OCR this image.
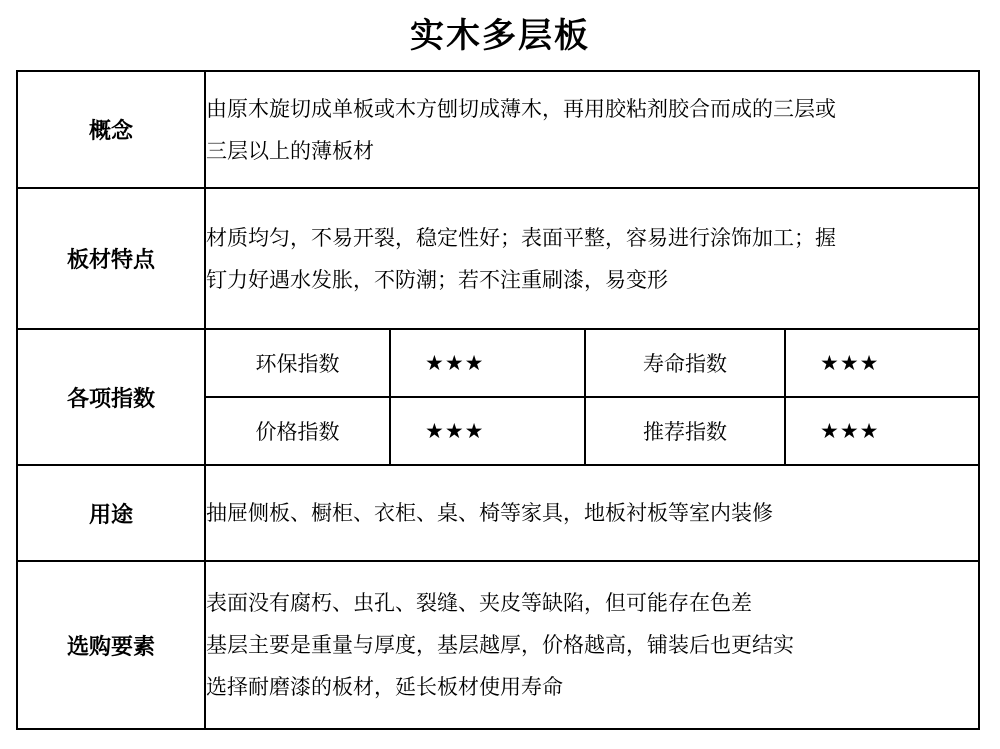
实木多层板
概念	
由原木旋切成单板或木方刨切成薄木，再用胶粘剂胶合而成的三层或
三层以上的薄板材

板材特点	
材质均匀，不易开裂，稳定性好；表面平整，容易进行涂饰加工；握
钉力好遇水发胀，不防潮；若不注重刷漆，易变形

各项指数	
环保指数	★★★	寿命指数	★★★
价格指数	★★★	推荐指数	★★★

用途	抽屉侧板、橱柜、衣柜、桌、椅等家具，地板衬板等室内装修

选购要素	
表面没有腐朽、虫孔、裂缝、夹皮等缺陷，但可能存在色差
基层主要是重量与厚度，基层越厚，价格越高，铺装后也更结实
选择耐磨漆的板材，延长板材使用寿命
